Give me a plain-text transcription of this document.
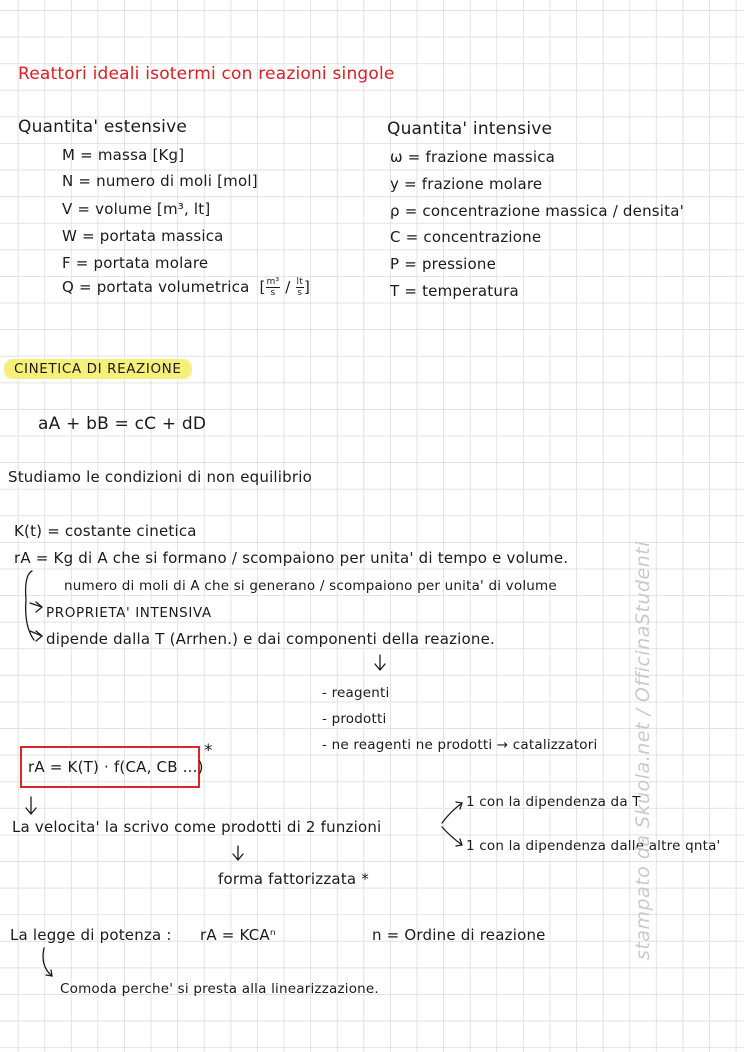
Reattori ideali isotermi con reazioni singole
Quantita' estensive
M = massa [Kg]
N = numero di moli [mol]
V = volume [m³, lt]
W = portata massica
F = portata molare
Q = portata volumetrica  [ $\frac{\text{m³}}{s} / \frac{lt}{s}$ ]
Quantita' intensive
ω = frazione massica
y = frazione molare
ρ = concentrazione massica / densita'
C = concentrazione
P = pressione
T = temperatura
CINETICA DI REAZIONE
aA + bB = cC + dD
Studiamo le condizioni di non equilibrio
K(t) = costante cinetica
rA = Kg di A che si formano / scompaiono per unita' di tempo e volume.
numero di moli di A che si generano / scompaiono per unita' di volume
PROPRIETA' INTENSIVA
dipende dalla T (Arrhen.) e dai componenti della reazione.
- reagenti
- prodotti
- ne reagenti ne prodotti → catalizzatori
rA = K(T) · f(CA, CB ...)
*
La velocita' la scrivo come prodotti di 2 funzioni
1 con la dipendenza da T
1 con la dipendenza dalle altre qnta'
forma fattorizzata *
La legge di potenza : rA = KCAⁿ	n = Ordine di reazione
Comoda perche' si presta alla linearizzazione.
stampato da Skuola.net / OfficinaStudenti
